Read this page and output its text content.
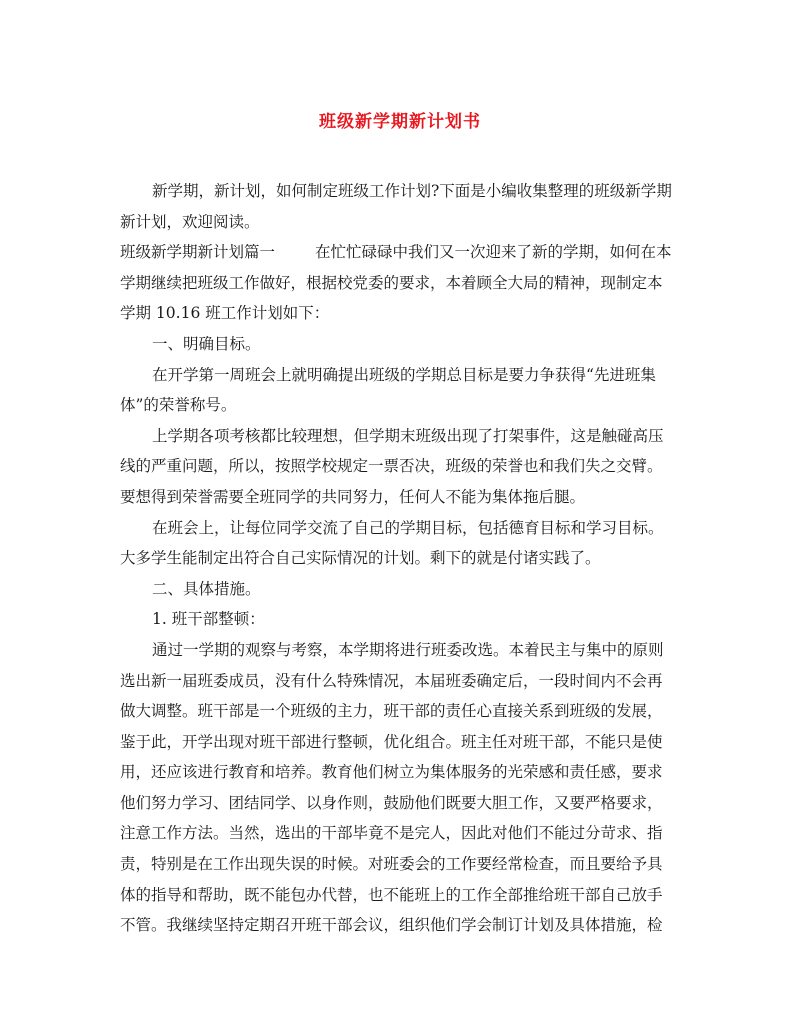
班级新学期新计划书
新学期，新计划，如何制定班级工作计划?下面是小编收集整理的班级新学期
新计划，欢迎阅读。
班级新学期新计划篇一	在忙忙碌碌中我们又一次迎来了新的学期，如何在本
学期继续把班级工作做好，根据校党委的要求，本着顾全大局的精神，现制定本
学期 10.16 班工作计划如下：
一、明确目标。
在开学第一周班会上就明确提出班级的学期总目标是要力争获得“先进班集
体”的荣誉称号。
上学期各项考核都比较理想，但学期末班级出现了打架事件，这是触碰高压
线的严重问题，所以，按照学校规定一票否决，班级的荣誉也和我们失之交臂。
要想得到荣誉需要全班同学的共同努力，任何人不能为集体拖后腿。
在班会上，让每位同学交流了自己的学期目标，包括德育目标和学习目标。
大多学生能制定出符合自己实际情况的计划。剩下的就是付诸实践了。
二、具体措施。
1. 班干部整顿：
通过一学期的观察与考察，本学期将进行班委改选。本着民主与集中的原则
选出新一届班委成员，没有什么特殊情况，本届班委确定后，一段时间内不会再
做大调整。班干部是一个班级的主力，班干部的责任心直接关系到班级的发展，
鉴于此，开学出现对班干部进行整顿，优化组合。班主任对班干部，不能只是使
用，还应该进行教育和培养。教育他们树立为集体服务的光荣感和责任感，要求
他们努力学习、团结同学、以身作则，鼓励他们既要大胆工作，又要严格要求，
注意工作方法。当然，选出的干部毕竟不是完人，因此对他们不能过分苛求、指
责，特别是在工作出现失误的时候。对班委会的工作要经常检查，而且要给予具
体的指导和帮助，既不能包办代替，也不能班上的工作全部推给班干部自己放手
不管。我继续坚持定期召开班干部会议，组织他们学会制订计划及具体措施，检
